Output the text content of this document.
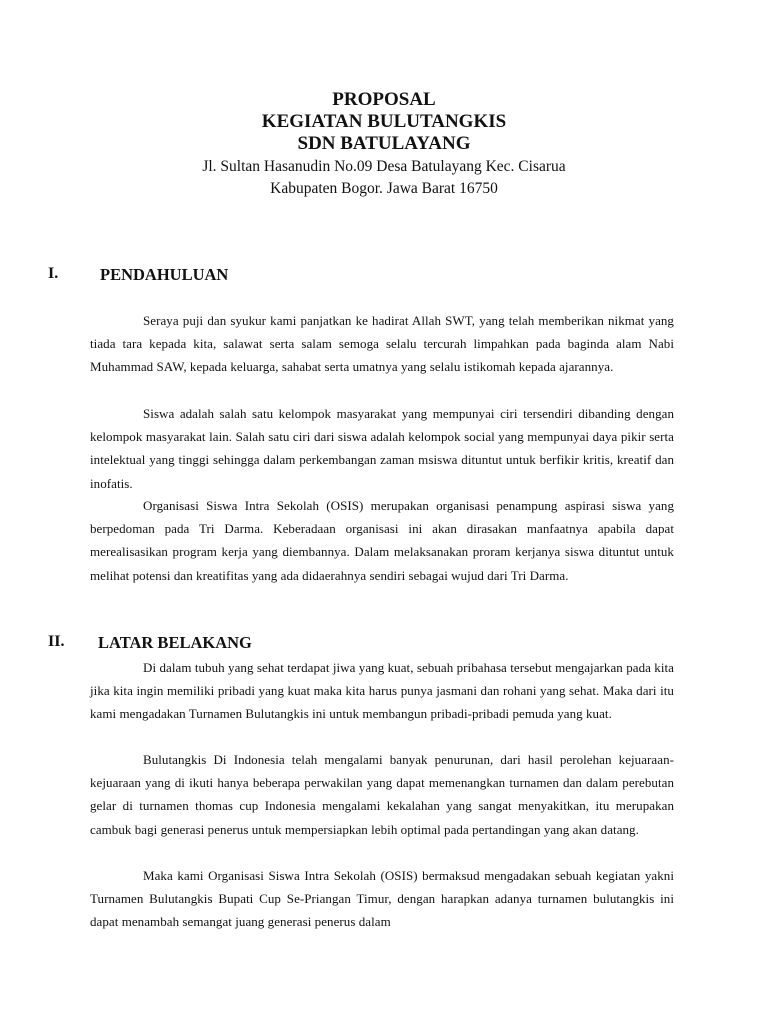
PROPOSAL
KEGIATAN BULUTANGKIS
SDN BATULAYANG
Jl. Sultan Hasanudin No.09 Desa Batulayang Kec. Cisarua
Kabupaten Bogor. Jawa Barat 16750
I.	PENDAHULUAN

Seraya puji dan syukur kami panjatkan ke hadirat Allah SWT, yang telah memberikan nikmat yang tiada tara kepada kita, salawat serta salam semoga selalu tercurah limpahkan pada baginda alam Nabi Muhammad SAW, kepada keluarga, sahabat serta umatnya yang selalu istikomah kepada ajarannya.

Siswa adalah salah satu kelompok masyarakat yang mempunyai ciri tersendiri dibanding dengan kelompok masyarakat lain. Salah satu ciri dari siswa adalah kelompok social yang mempunyai daya pikir serta intelektual yang tinggi sehingga dalam perkembangan zaman msiswa dituntut untuk berfikir kritis, kreatif dan inofatis.

Organisasi Siswa Intra Sekolah (OSIS) merupakan organisasi penampung aspirasi siswa yang berpedoman pada Tri Darma. Keberadaan organisasi ini akan dirasakan manfaatnya apabila dapat merealisasikan program kerja yang diembannya. Dalam melaksanakan proram kerjanya siswa dituntut untuk melihat potensi dan kreatifitas yang ada didaerahnya sendiri sebagai wujud dari Tri Darma.

II. LATAR BELAKANG

Di dalam tubuh yang sehat terdapat jiwa yang kuat, sebuah pribahasa tersebut mengajarkan pada kita jika kita ingin memiliki pribadi yang kuat maka kita harus punya jasmani dan rohani yang sehat. Maka dari itu kami mengadakan Turnamen Bulutangkis ini untuk membangun pribadi-pribadi pemuda yang kuat.

Bulutangkis Di Indonesia telah mengalami banyak penurunan, dari hasil perolehan kejuaraan-kejuaraan yang di ikuti hanya beberapa perwakilan yang dapat memenangkan turnamen dan dalam perebutan gelar di turnamen thomas cup Indonesia mengalami kekalahan yang sangat menyakitkan, itu merupakan cambuk bagi generasi penerus untuk mempersiapkan lebih optimal pada pertandingan yang akan datang.

Maka kami Organisasi Siswa Intra Sekolah (OSIS) bermaksud mengadakan sebuah kegiatan yakni Turnamen Bulutangkis Bupati Cup Se-Priangan Timur, dengan harapkan adanya turnamen bulutangkis ini dapat menambah semangat juang generasi penerus dalam
